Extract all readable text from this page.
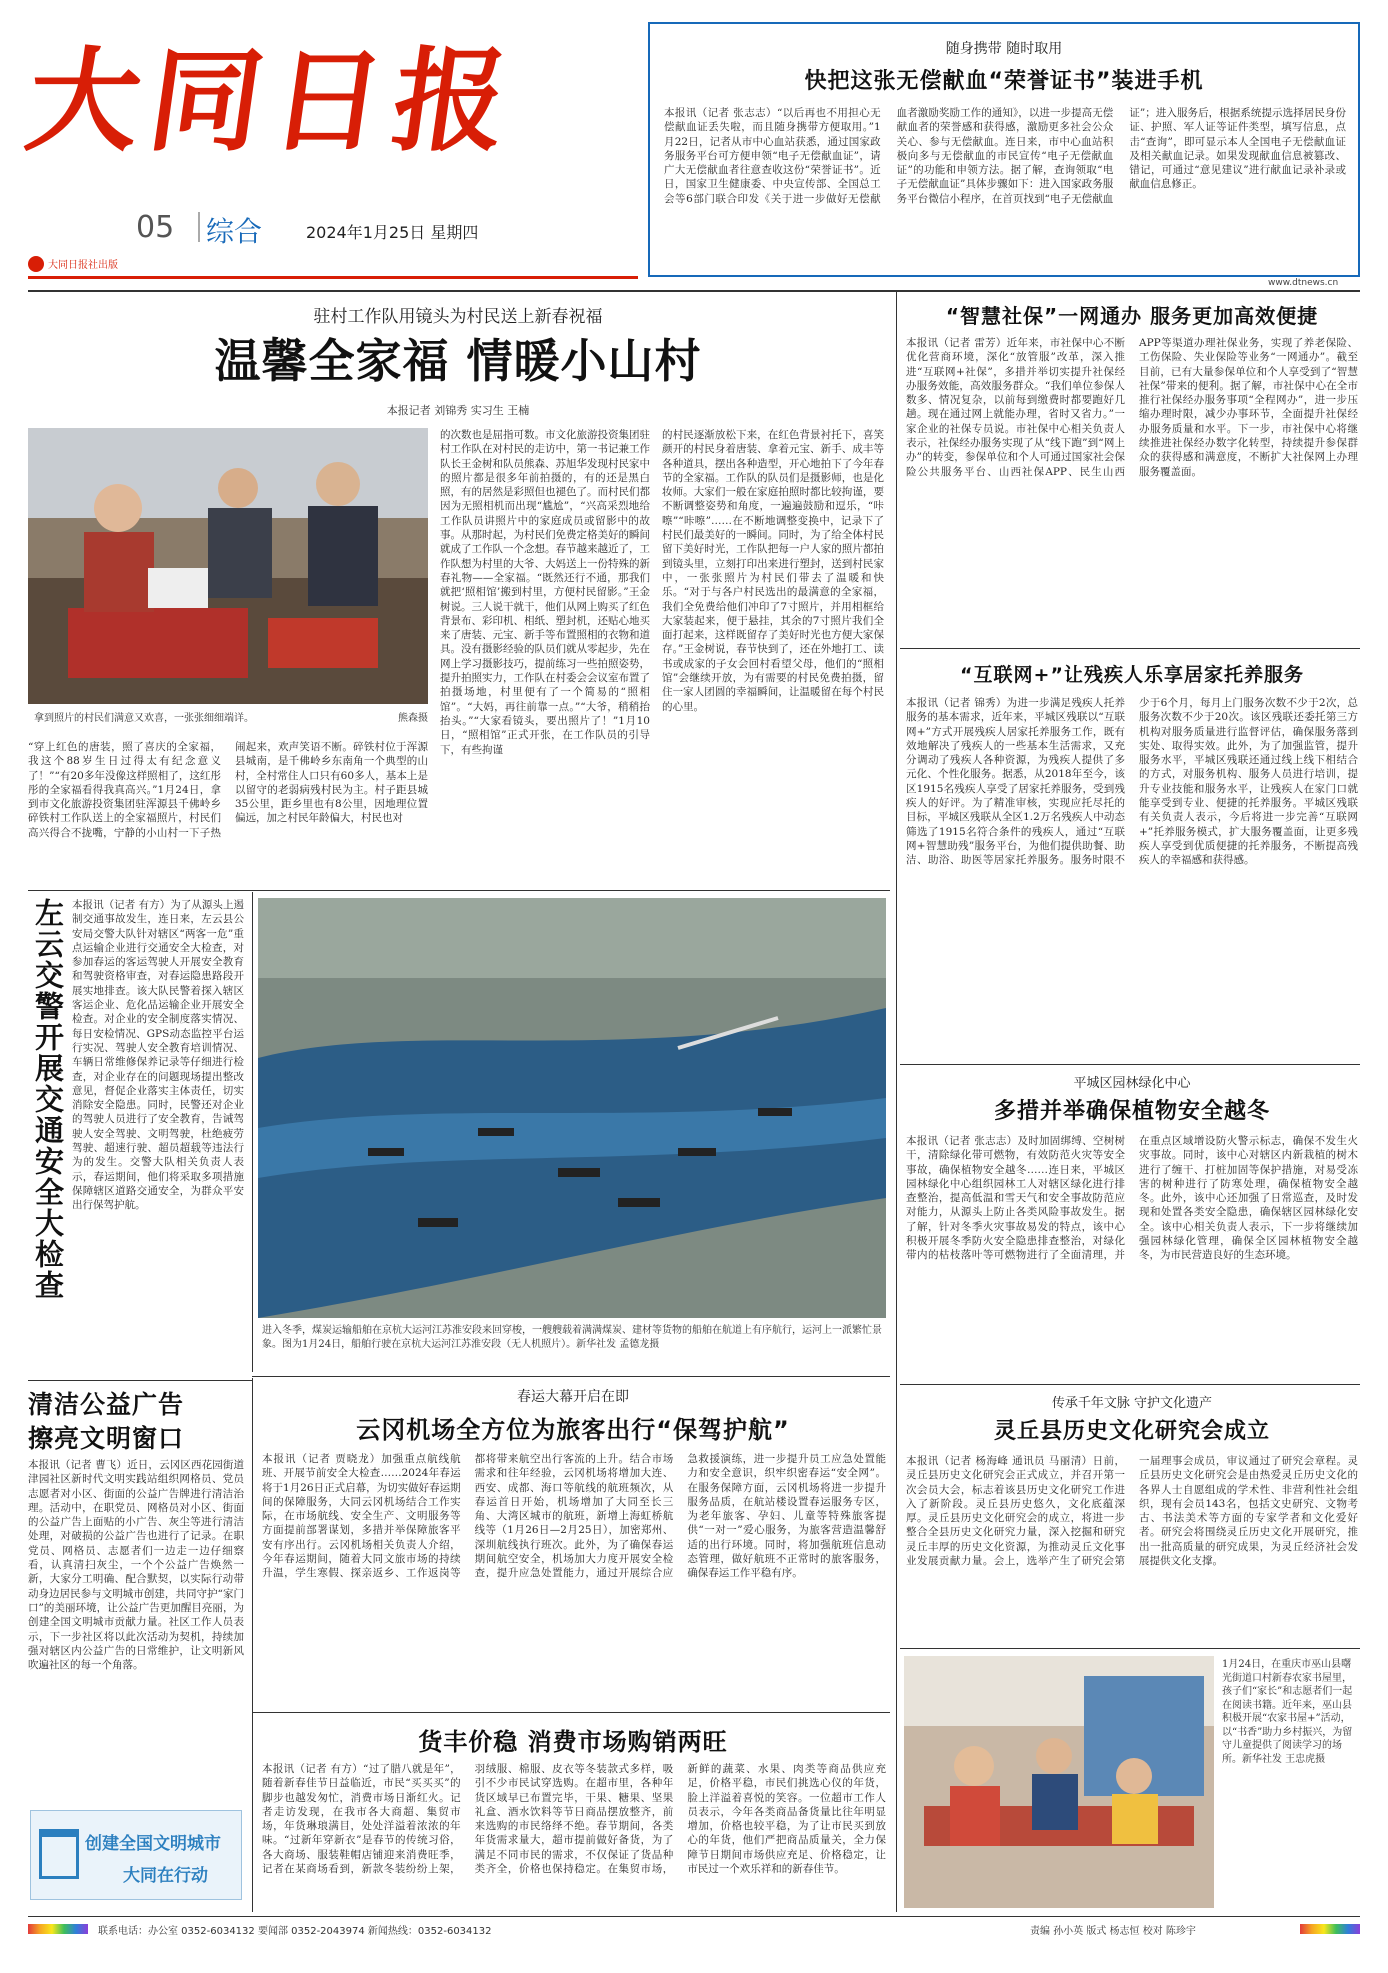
大同日报
05 综合	2024年1月25日 星期四
大同日报社出版
随身携带 随时取用
快把这张无偿献血“荣誉证书”装进手机
本报讯（记者 张志志）“以后再也不用担心无偿献血证丢失啦，而且随身携带方便取用。”1月22日，记者从市中心血站获悉，通过国家政务服务平台可方便申领“电子无偿献血证”，请广大无偿献血者往意查收这份“荣誉证书”。近日，国家卫生健康委、中央宣传部、全国总工会等6部门联合印发《关于进一步做好无偿献血者激励奖励工作的通知》，以进一步提高无偿献血者的荣誉感和获得感，激励更多社会公众关心、参与无偿献血。连日来，市中心血站积极向多与无偿献血的市民宣传“电子无偿献血证”的功能和申领方法。据了解，查询领取“电子无偿献血证”具体步骤如下：进入国家政务服务平台微信小程序，在首页找到“电子无偿献血证”；进入服务后，根据系统提示选择居民身份证、护照、军人证等证件类型，填写信息，点击“查询”，即可显示本人全国电子无偿献血证及相关献血记录。如果发现献血信息被篡改、错记，可通过“意见建议”进行献血记录补录或献血信息修正。
www.dtnews.cn
驻村工作队用镜头为村民送上新春祝福
温馨全家福 情暖小山村
本报记者 刘锦秀 实习生 王楠
拿到照片的村民们满意又欢喜，一张张细细端详。	熊森摄
“穿上红色的唐装，照了喜庆的全家福，我这个88岁生日过得太有纪念意义了！”“有20多年没像这样照相了，这红彤彤的全家福看得我真高兴。”1月24日，拿到市文化旅游投资集团驻浑源县千佛岭乡碎铁村工作队送上的全家福照片，村民们高兴得合不拢嘴，宁静的小山村一下子热闹起来，欢声笑语不断。碎铁村位于浑源县城南，是千佛岭乡东南角一个典型的山村，全村常住人口只有60多人，基本上是以留守的老弱病残村民为主。村子距县城35公里，距乡里也有8公里，因地理位置偏远，加之村民年龄偏大，村民也对
的次数也是屈指可数。市文化旅游投资集团驻村工作队在对村民的走访中，第一书记兼工作队长王金树和队员熊森、苏旭华发现村民家中的照片都是很多年前拍摄的，有的还是黑白照，有的居然是彩照但也褪色了。而村民们都因为无照相机而出现“尴尬”，“兴高采烈地给工作队员讲照片中的家庭成员或留影中的故事。从那时起，为村民们免费定格美好的瞬间就成了工作队一个念想。春节越来越近了，工作队想为村里的大爷、大妈送上一份特殊的新春礼物——全家福。“既然还行不通，那我们就把‘照相馆’搬到村里，方便村民留影。”王金树说。三人说干就干，他们从网上购买了红色背景布、彩印机、相纸、塑封机，还贴心地买来了唐装、元宝、新手等布置照相的衣物和道具。没有摄影经验的队员们就从零起步，先在网上学习摄影技巧，提前练习一些拍照姿势，提升拍照实力，工作队在村委会会议室布置了拍摄场地，村里便有了一个简易的“照相馆”。“大妈，再往前靠一点。”“大爷，稍稍抬抬头。”“大家看镜头，要出照片了！”1月10日，“照相馆”正式开张，在工作队员的引导下，有些拘谨
的村民逐渐放松下来，在红色背景衬托下，喜笑颜开的村民身着唐装、拿着元宝、新手、成丰等各种道具，摆出各种造型，开心地拍下了今年春节的全家福。工作队的队员们是摄影师，也是化妆师。大家们一般在家庭拍照时都比较拘谨，要不断调整姿势和角度，一遍遍鼓励和逗乐，“咔嚓”“咔嚓”……在不断地调整变换中，记录下了村民们最美好的一瞬间。同时，为了给全体村民留下美好时光，工作队把每一户人家的照片都拍到镜头里，立刻打印出来进行塑封，送到村民家中，一张张照片为村民们带去了温暖和快乐。“对于与各户村民选出的最满意的全家福，我们全免费给他们冲印了7寸照片，并用相框给大家装起来，便于悬挂，其余的7寸照片我们全面打起来，这样既留存了美好时光也方便大家保存。”王金树说，春节快到了，还在外地打工、读书或成家的子女会回村看望父母，他们的“照相馆”会继续开放，为有需要的村民免费拍摄，留住一家人团圆的幸福瞬间，让温暖留在每个村民的心里。
左云交警开展交通安全大检查 本报讯（记者 有方）为了从源头上遏制交通事故发生，连日来，左云县公安局交警大队针对辖区“两客一危”重点运输企业进行交通安全大检查，对参加春运的客运驾驶人开展安全教育和驾驶资格审查，对春运隐患路段开展实地排查。该大队民警着探入辖区客运企业、危化品运输企业开展安全检查。对企业的安全制度落实情况、每日安检情况、GPS动态监控平台运行实况、驾驶人安全教育培训情况、车辆日常维修保养记录等仔细进行检查，对企业存在的问题现场提出整改意见，督促企业落实主体责任，切实消除安全隐患。同时，民警还对企业的驾驶人员进行了安全教育，告诫驾驶人安全驾驶、文明驾驶，杜绝疲劳驾驶、超速行驶、超员超载等违法行为的发生。交警大队相关负责人表示，春运期间，他们将采取多项措施保障辖区道路交通安全，为群众平安出行保驾护航。
进入冬季，煤炭运输船舶在京杭大运河江苏淮安段来回穿梭，一艘艘载着满满煤炭、建材等货物的船舶在航道上有序航行，运河上一派繁忙景象。图为1月24日，船舶行驶在京杭大运河江苏淮安段（无人机照片）。新华社发 孟德龙摄
清洁公益广告
擦亮文明窗口
本报讯（记者 曹飞）近日，云冈区西花园街道津园社区新时代文明实践站组织网格员、党员志愿者对小区、街面的公益广告牌进行清洁治理。活动中，在职党员、网格员对小区、街面的公益广告上面贴的小广告、灰尘等进行清洁处理，对破损的公益广告也进行了记录。在职党员、网格员、志愿者们一边走一边仔细察看，认真清扫灰尘，一个个公益广告焕然一新，大家分工明确、配合默契，以实际行动带动身边居民参与文明城市创建，共同守护“家门口”的美丽环境，让公益广告更加醒目亮丽，为创建全国文明城市贡献力量。社区工作人员表示，下一步社区将以此次活动为契机，持续加强对辖区内公益广告的日常维护，让文明新风吹遍社区的每一个角落。
创建全国文明城市
大同在行动
春运大幕开启在即
云冈机场全方位为旅客出行“保驾护航”
本报讯（记者 贾晓龙）加强重点航线航班、开展节前安全大检查……2024年春运将于1月26日正式启幕，为切实做好春运期间的保障服务，大同云冈机场结合工作实际，在市场航线、安全生产、文明服务等方面提前部署谋划，多措并举保障旅客平安有序出行。云冈机场相关负责人介绍，今年春运期间，随着大同文旅市场的持续升温，学生寒假、探亲返乡、工作返岗等都将带来航空出行客流的上升。结合市场需求和往年经验，云冈机场将增加大连、西安、成都、海口等航线的航班频次，从春运首日开始，机场增加了大同至长三角、大湾区城市的航班，新增上海虹桥航线等（1月26日—2月25日），加密郑州、深圳航线执行班次。此外，为了确保春运期间航空安全，机场加大力度开展安全检查，提升应急处置能力，通过开展综合应急救援演练，进一步提升员工应急处置能力和安全意识，织牢织密春运“安全网”。在服务保障方面，云冈机场将进一步提升服务品质，在航站楼设置春运服务专区，为老年旅客、孕妇、儿童等特殊旅客提供“一对一”爱心服务，为旅客营造温馨舒适的出行环境。同时，将加强航班信息动态管理，做好航班不正常时的旅客服务，确保春运工作平稳有序。
货丰价稳 消费市场购销两旺
本报讯（记者 有方）“过了腊八就是年”，随着新春佳节日益临近，市民“买买买”的脚步也越发匆忙，消费市场日渐红火。记者走访发现，在我市各大商超、集贸市场，年货琳琅满目，处处洋溢着浓浓的年味。“过新年穿新衣”是春节的传统习俗，各大商场、服装鞋帽店铺迎来消费旺季，记者在某商场看到，新款冬装纷纷上架，羽绒服、棉服、皮衣等冬装款式多样，吸引不少市民试穿选购。在超市里，各种年货区域早已布置完毕，干果、糖果、坚果礼盒、酒水饮料等节日商品摆放整齐，前来选购的市民络绎不绝。春节期间，各类年货需求量大，超市提前做好备货，为了满足不同市民的需求，不仅保证了货品种类齐全，价格也保持稳定。在集贸市场，新鲜的蔬菜、水果、肉类等商品供应充足，价格平稳，市民们挑选心仪的年货，脸上洋溢着喜悦的笑容。一位超市工作人员表示，今年各类商品备货量比往年明显增加，价格也较平稳，为了让市民买到放心的年货，他们严把商品质量关，全力保障节日期间市场供应充足、价格稳定，让市民过一个欢乐祥和的新春佳节。
“智慧社保”一网通办 服务更加高效便捷
本报讯（记者 雷芳）近年来，市社保中心不断优化营商环境，深化“放管服”改革，深入推进“互联网+社保”，多措并举切实提升社保经办服务效能，高效服务群众。“我们单位参保人数多、情况复杂，以前每到缴费时都要跑好几趟。现在通过网上就能办理，省时又省力。”一家企业的社保专员说。市社保中心相关负责人表示，社保经办服务实现了从“线下跑”到“网上办”的转变，参保单位和个人可通过国家社会保险公共服务平台、山西社保APP、民生山西APP等渠道办理社保业务，实现了养老保险、工伤保险、失业保险等业务“一网通办”。截至目前，已有大量参保单位和个人享受到了“智慧社保”带来的便利。据了解，市社保中心在全市推行社保经办服务事项“全程网办”，进一步压缩办理时限，减少办事环节，全面提升社保经办服务质量和水平。下一步，市社保中心将继续推进社保经办数字化转型，持续提升参保群众的获得感和满意度，不断扩大社保网上办理服务覆盖面。
“互联网+”让残疾人乐享居家托养服务
本报讯（记者 锦秀）为进一步满足残疾人托养服务的基本需求，近年来，平城区残联以“互联网+”方式开展残疾人居家托养服务工作，既有效地解决了残疾人的一些基本生活需求，又充分调动了残疾人各种资源，为残疾人提供了多元化、个性化服务。据悉，从2018年至今，该区1915名残疾人享受了居家托养服务，受到残疾人的好评。为了精准审核，实现应托尽托的目标，平城区残联从全区1.2万名残疾人中动态筛选了1915名符合条件的残疾人，通过“互联网+智慧助残”服务平台，为他们提供助餐、助洁、助浴、助医等居家托养服务。服务时限不少于6个月，每月上门服务次数不少于2次，总服务次数不少于20次。该区残联还委托第三方机构对服务质量进行监督评估，确保服务落到实处、取得实效。此外，为了加强监管，提升服务水平，平城区残联还通过线上线下相结合的方式，对服务机构、服务人员进行培训，提升专业技能和服务水平，让残疾人在家门口就能享受到专业、便捷的托养服务。平城区残联有关负责人表示，今后将进一步完善“互联网+”托养服务模式，扩大服务覆盖面，让更多残疾人享受到优质便捷的托养服务，不断提高残疾人的幸福感和获得感。
平城区园林绿化中心
多措并举确保植物安全越冬
本报讯（记者 张志志）及时加固绑缚、空树树干，清除绿化带可燃物，有效防范火灾等安全事故，确保植物安全越冬……连日来，平城区园林绿化中心组织园林工人对辖区绿化进行排查整治，提高低温和雪天气和安全事故防范应对能力，从源头上防止各类风险事故发生。据了解，针对冬季火灾事故易发的特点，该中心积极开展冬季防火安全隐患排查整治，对绿化带内的枯枝落叶等可燃物进行了全面清理，并在重点区域增设防火警示标志，确保不发生火灾事故。同时，该中心对辖区内新栽植的树木进行了缠干、打桩加固等保护措施，对易受冻害的树种进行了防寒处理，确保植物安全越冬。此外，该中心还加强了日常巡查，及时发现和处置各类安全隐患，确保辖区园林绿化安全。该中心相关负责人表示，下一步将继续加强园林绿化管理，确保全区园林植物安全越冬，为市民营造良好的生态环境。
传承千年文脉 守护文化遗产
灵丘县历史文化研究会成立
本报讯（记者 杨海峰 通讯员 马丽清）日前，灵丘县历史文化研究会正式成立，并召开第一次会员大会，标志着该县历史文化研究工作进入了新阶段。灵丘县历史悠久，文化底蕴深厚。灵丘县历史文化研究会的成立，将进一步整合全县历史文化研究力量，深入挖掘和研究灵丘丰厚的历史文化资源，为推动灵丘文化事业发展贡献力量。会上，选举产生了研究会第一届理事会成员，审议通过了研究会章程。灵丘县历史文化研究会是由热爱灵丘历史文化的各界人士自愿组成的学术性、非营利性社会组织，现有会员143名，包括文史研究、文物考古、书法美术等方面的专家学者和文化爱好者。研究会将围绕灵丘历史文化开展研究，推出一批高质量的研究成果，为灵丘经济社会发展提供文化支撑。
1月24日，在重庆市巫山县曙光街道口村新春农家书屋里，孩子们“家长”和志愿者们一起在阅读书籍。近年来，巫山县积极开展“农家书屋+”活动，以“书香”助力乡村振兴，为留守儿童提供了阅读学习的场所。新华社发 王忠虎摄
联系电话：办公室 0352-6034132 要闻部 0352-2043974 新闻热线：0352-6034132	责编 孙小英 版式 杨志恒 校对 陈珍宇
